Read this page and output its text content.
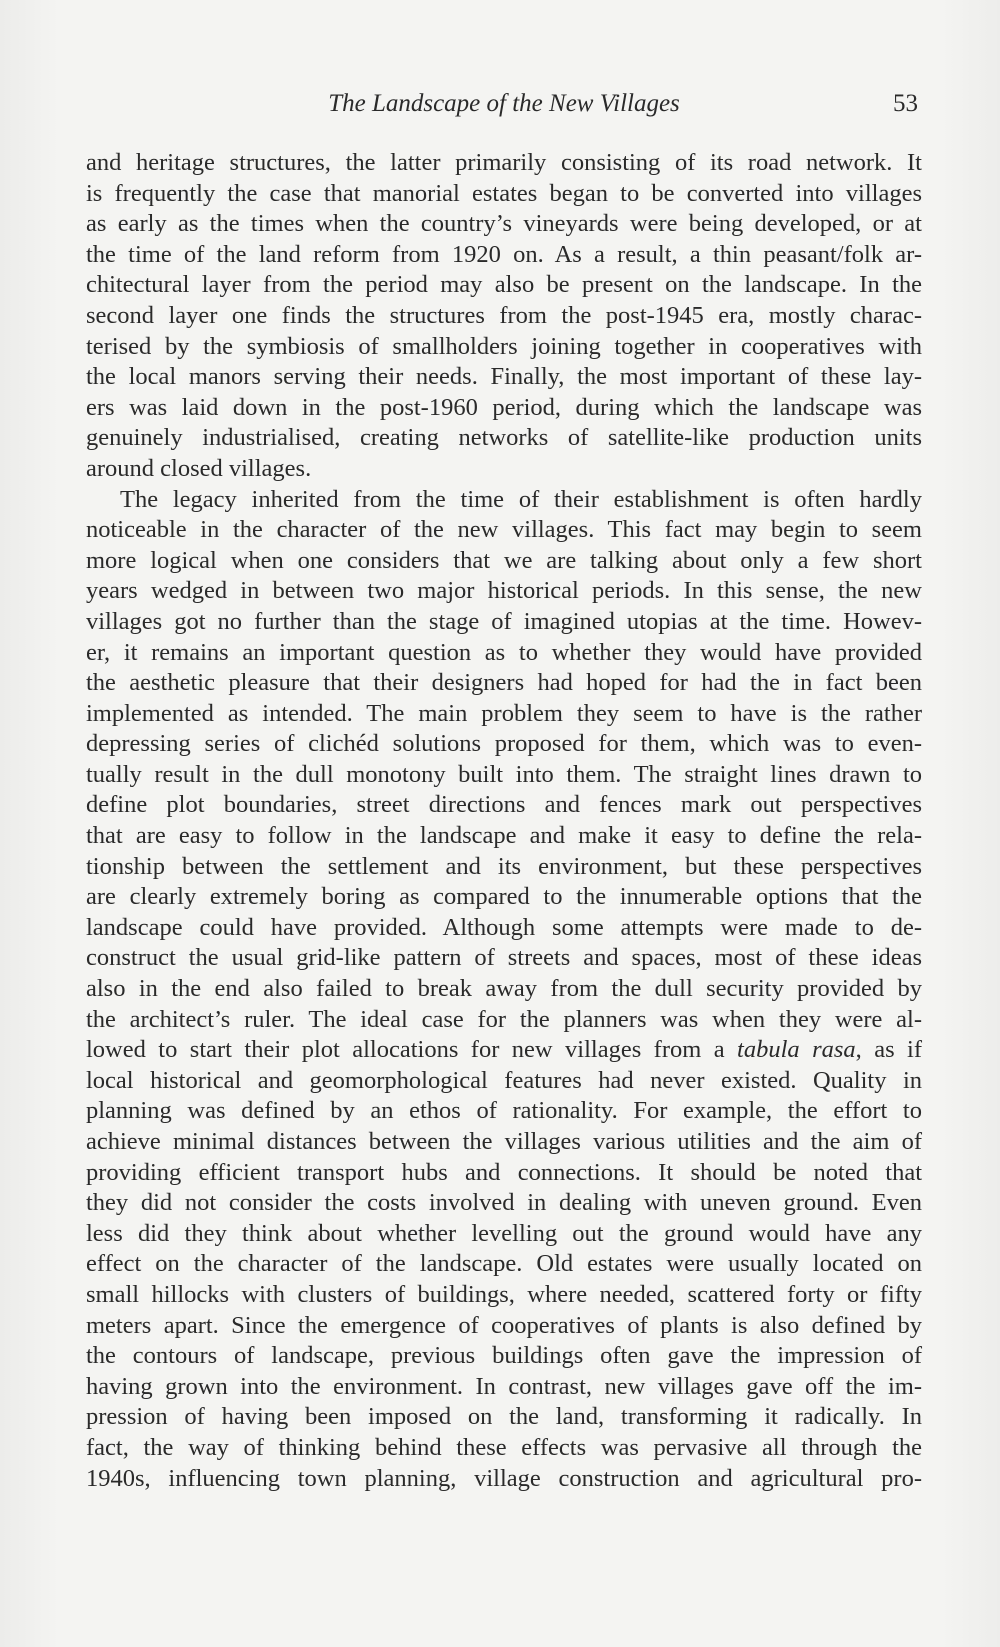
The Landscape of the New Villages	53
and heritage structures, the latter primarily consisting of its road network. It
is frequently the case that manorial estates began to be converted into villages
as early as the times when the country’s vineyards were being developed, or at
the time of the land reform from 1920 on. As a result, a thin peasant/folk ar-
chitectural layer from the period may also be present on the landscape. In the
second layer one finds the structures from the post-1945 era, mostly charac-
terised by the symbiosis of smallholders joining together in cooperatives with
the local manors serving their needs. Finally, the most important of these lay-
ers was laid down in the post-1960 period, during which the landscape was
genuinely industrialised, creating networks of satellite-like production units
around closed villages.
The legacy inherited from the time of their establishment is often hardly
noticeable in the character of the new villages. This fact may begin to seem
more logical when one considers that we are talking about only a few short
years wedged in between two major historical periods. In this sense, the new
villages got no further than the stage of imagined utopias at the time. Howev-
er, it remains an important question as to whether they would have provided
the aesthetic pleasure that their designers had hoped for had the in fact been
implemented as intended. The main problem they seem to have is the rather
depressing series of clichéd solutions proposed for them, which was to even-
tually result in the dull monotony built into them. The straight lines drawn to
define plot boundaries, street directions and fences mark out perspectives
that are easy to follow in the landscape and make it easy to define the rela-
tionship between the settlement and its environment, but these perspectives
are clearly extremely boring as compared to the innumerable options that the
landscape could have provided. Although some attempts were made to de-
construct the usual grid-like pattern of streets and spaces, most of these ideas
also in the end also failed to break away from the dull security provided by
the architect’s ruler. The ideal case for the planners was when they were al-
lowed to start their plot allocations for new villages from a tabula rasa, as if
local historical and geomorphological features had never existed. Quality in
planning was defined by an ethos of rationality. For example, the effort to
achieve minimal distances between the villages various utilities and the aim of
providing efficient transport hubs and connections. It should be noted that
they did not consider the costs involved in dealing with uneven ground. Even
less did they think about whether levelling out the ground would have any
effect on the character of the landscape. Old estates were usually located on
small hillocks with clusters of buildings, where needed, scattered forty or fifty
meters apart. Since the emergence of cooperatives of plants is also defined by
the contours of landscape, previous buildings often gave the impression of
having grown into the environment. In contrast, new villages gave off the im-
pression of having been imposed on the land, transforming it radically. In
fact, the way of thinking behind these effects was pervasive all through the
1940s, influencing town planning, village construction and agricultural pro-
